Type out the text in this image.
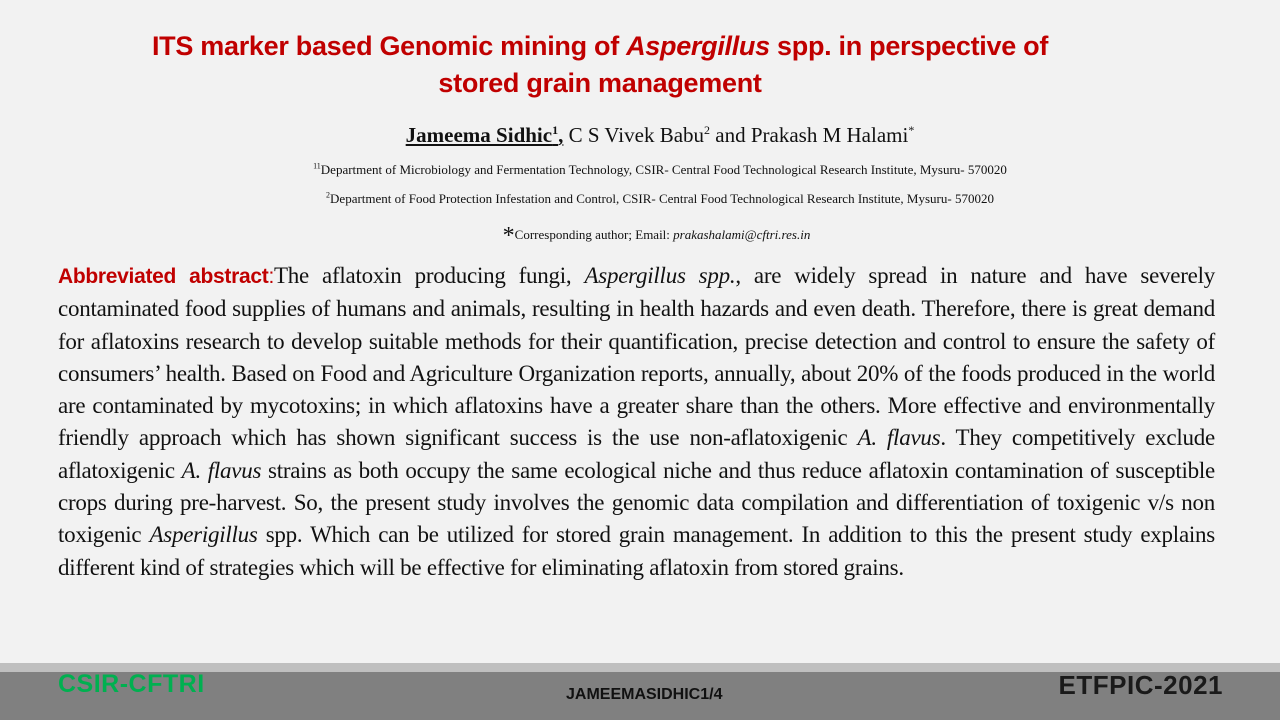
ITS marker based Genomic mining of Aspergillus spp. in perspective of
stored grain management
Jameema Sidhic$^1$, C S Vivek Babu$^2$ and Prakash M Halami*
$^{11}$Department of Microbiology and Fermentation Technology, CSIR- Central Food Technological Research Institute, Mysuru- 570020
$^2$Department of Food Protection Infestation and Control, CSIR- Central Food Technological Research Institute, Mysuru- 570020
*Corresponding author; Email: prakashalami@cftri.res.in
Abbreviated abstract:The aflatoxin producing fungi, Aspergillus spp., are widely spread in nature and have severely contaminated food supplies of humans and animals, resulting in health hazards and even death. Therefore, there is great demand for aflatoxins research to develop suitable methods for their quantification, precise detection and control to ensure the safety of consumers’ health. Based on Food and Agriculture Organization reports, annually, about 20% of the foods produced in the world are contaminated by mycotoxins; in which aflatoxins have a greater share than the others. More effective and environmentally friendly approach which has shown significant success is the use non-aflatoxigenic A. flavus. They competitively exclude aflatoxigenic A. flavus strains as both occupy the same ecological niche and thus reduce aflatoxin contamination of susceptible crops during pre-harvest. So, the present study involves the genomic data compilation and differentiation of toxigenic v/s non toxigenic Asperigillus spp. Which can be utilized for stored grain management. In addition to this the present study explains different kind of strategies which will be effective for eliminating aflatoxin from stored grains.
CSIR-CFTRI	JAMEEMASIDHIC1/4	ETFPIC-2021
